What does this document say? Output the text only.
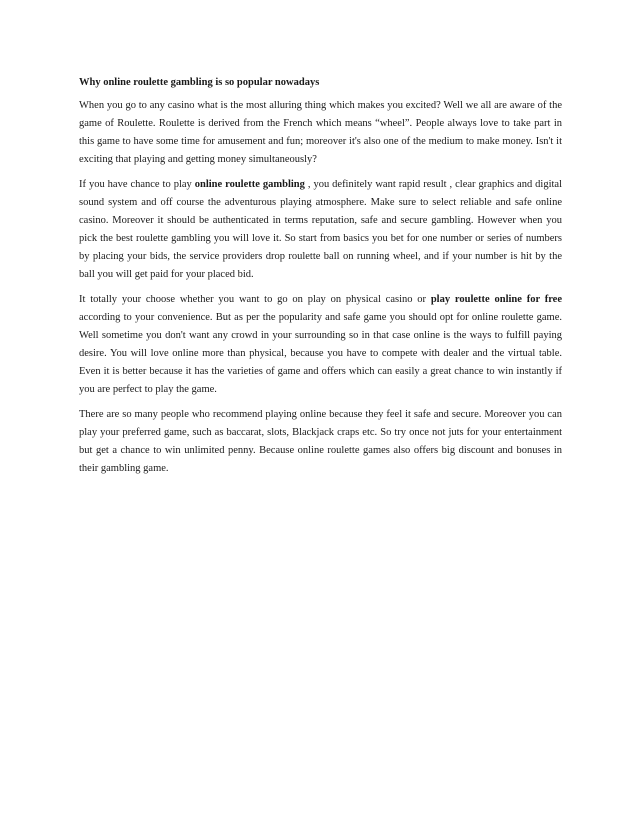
Why online roulette gambling is so popular nowadays

When you go to any casino what is the most alluring thing which makes you excited? Well we all are aware of the game of Roulette. Roulette is derived from the French which means “wheel”. People always love to take part in this game to have some time for amusement and fun; moreover it's also one of the medium to make money. Isn't it exciting that playing and getting money simultaneously?

If you have chance to play online roulette gambling , you definitely want rapid result , clear graphics and digital sound system and off course the adventurous playing atmosphere. Make sure to select reliable and safe online casino. Moreover it should be authenticated in terms reputation, safe and secure gambling. However when you pick the best roulette gambling you will love it. So start from basics you bet for one number or series of numbers by placing your bids, the service providers drop roulette ball on running wheel, and if your number is hit by the ball you will get paid for your placed bid.

It totally your choose whether you want to go on play on physical casino or play roulette online for free according to your convenience. But as per the popularity and safe game you should opt for online roulette game. Well sometime you don't want any crowd in your surrounding so in that case online is the ways to fulfill paying desire. You will love online more than physical, because you have to compete with dealer and the virtual table. Even it is better because it has the varieties of game and offers which can easily a great chance to win instantly if you are perfect to play the game.

There are so many people who recommend playing online because they feel it safe and secure. Moreover you can play your preferred game, such as baccarat, slots, Blackjack craps etc. So try once not juts for your entertainment but get a chance to win unlimited penny. Because online roulette games also offers big discount and bonuses in their gambling game.
